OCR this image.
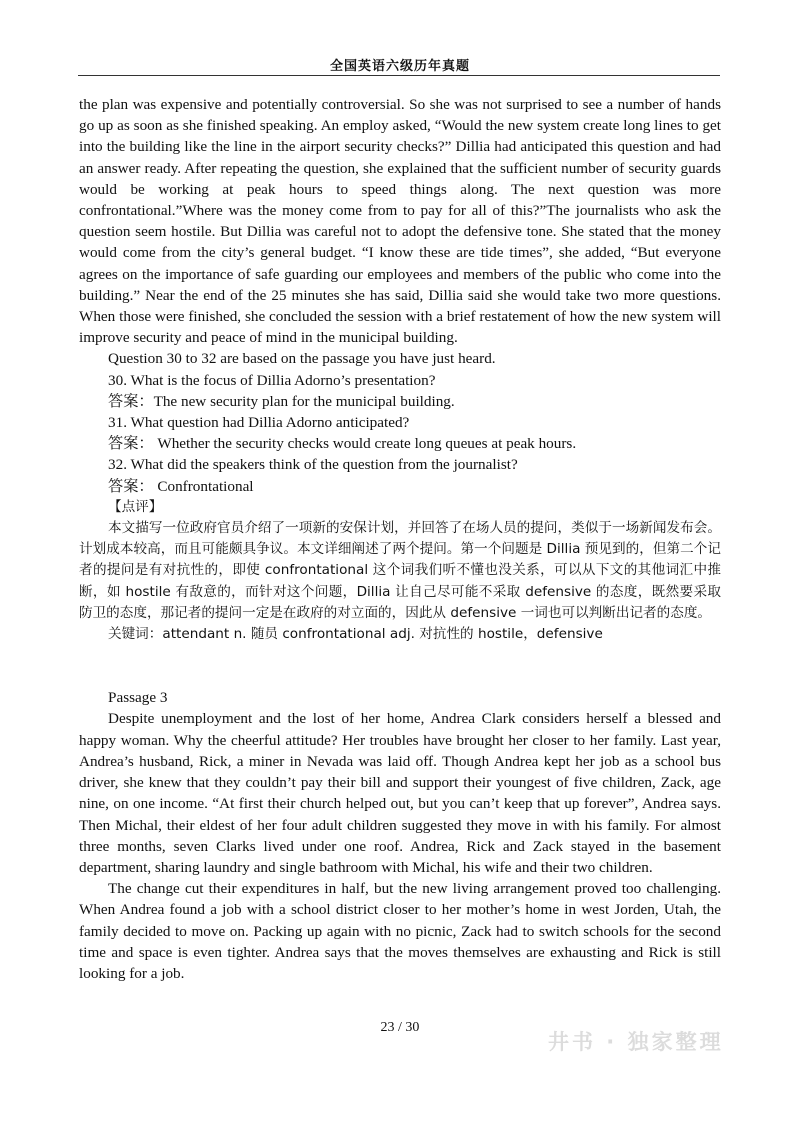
全国英语六级历年真题

the plan was expensive and potentially controversial. So she was not surprised to see a number of hands go up as soon as she finished speaking. An employ asked, “Would the new system create long lines to get into the building like the line in the airport security checks?” Dillia had anticipated this question and had an answer ready. After repeating the question, she explained that the sufficient number of security guards would be working at peak hours to speed things along. The next question was more confrontational.”Where was the money come from to pay for all of this?”The journalists who ask the question seem hostile. But Dillia was careful not to adopt the defensive tone. She stated that the money would come from the city’s general budget. “I know these are tide times”, she added, “But everyone agrees on the importance of safe guarding our employees and members of the public who come into the building.” Near the end of the 25 minutes she has said, Dillia said she would take two more questions. When those were finished, she concluded the session with a brief restatement of how the new system will improve security and peace of mind in the municipal building.

Question 30 to 32 are based on the passage you have just heard.

30. What is the focus of Dillia Adorno’s presentation?

答案：The new security plan for the municipal building.

31. What question had Dillia Adorno anticipated?

答案： Whether the security checks would create long queues at peak hours.

32. What did the speakers think of the question from the journalist?

答案： Confrontational

【点评】

本文描写一位政府官员介绍了一项新的安保计划，并回答了在场人员的提问，类似于一场新闻发布会。计划成本较高，而且可能颇具争议。本文详细阐述了两个提问。第一个问题是 Dillia 预见到的，但第二个记者的提问是有对抗性的，即使 confrontational 这个词我们听不懂也没关系，可以从下文的其他词汇中推断，如 hostile 有敌意的，而针对这个问题，Dillia 让自己尽可能不采取 defensive 的态度，既然要采取防卫的态度，那记者的提问一定是在政府的对立面的，因此从 defensive 一词也可以判断出记者的态度。

关键词：attendant n. 随员 confrontational adj. 对抗性的 hostile，defensive

Passage 3

Despite unemployment and the lost of her home, Andrea Clark considers herself a blessed and happy woman. Why the cheerful attitude? Her troubles have brought her closer to her family. Last year, Andrea’s husband, Rick, a miner in Nevada was laid off. Though Andrea kept her job as a school bus driver, she knew that they couldn’t pay their bill and support their youngest of five children, Zack, age nine, on one income. “At first their church helped out, but you can’t keep that up forever”, Andrea says. Then Michal, their eldest of her four adult children suggested they move in with his family. For almost three months, seven Clarks lived under one roof. Andrea, Rick and Zack stayed in the basement department, sharing laundry and single bathroom with Michal, his wife and their two children.

The change cut their expenditures in half, but the new living arrangement proved too challenging. When Andrea found a job with a school district closer to her mother’s home in west Jorden, Utah, the family decided to move on. Packing up again with no picnic, Zack had to switch schools for the second time and space is even tighter. Andrea says that the moves themselves are exhausting and Rick is still looking for a job.

23 / 30
井书 · 独家整理
